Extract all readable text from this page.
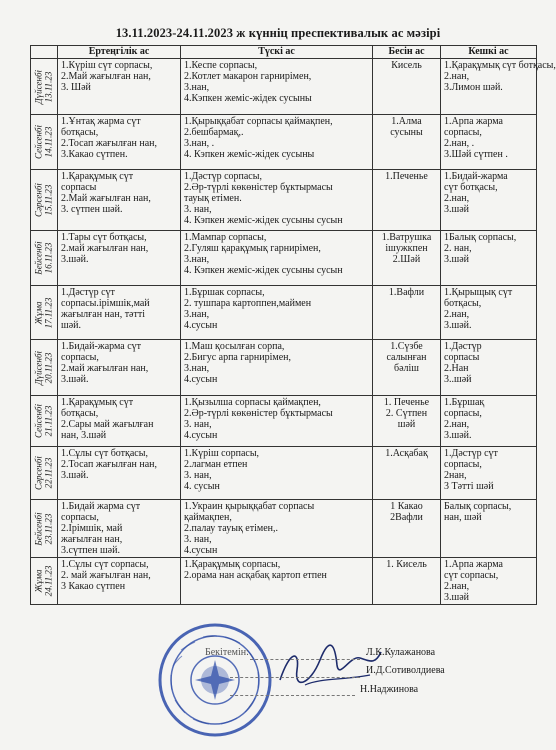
13.11.2023-24.11.2023 ж күнніц преспективалык ас мәзірі
	Ертеңгілік ас	Түскі ас	Бесін ас	Кешкі ас

Дүйсенбі 13.11.23	1.Күріш сүт сорпасы,
2.Май жағылған нан,
3. Шәй	1.Кеспе сорпасы,
2.Котлет макарон гарнирімен,
3.нан,
4.Кэпкен жеміс-жідек сусыны	Кисель	1.Қарақұмық сүт ботқасы,
2.нан,
3.Лимон шәй.

Сейсенбі 14.11.23	1.Ұнтақ жарма сүт
ботқасы,
2.Тосап жағылған нан,
3.Какао сүтпен.	1.Қырыққабат сорпасы қаймақпен,
2.бешбармақ,.
3.нан, .
4. Кэпкен жеміс-жідек сусыны	1.Алма
сусыны	1.Арпа жарма
сорпасы,
2.нан, .
3.Шәй сүтпен .

Сәрсенбі 15.11.23	1.Қарақұмық сүт
сорпасы
2.Май жағылған нан,
3. сүтпен шәй.	1.Дәстүр сорпасы,
2.Әр-түрлі көкөністер бұктырмасы
тауық етімен.
3. нан,
4. Кэпкен жеміс-жідек сусыны сусын	1.Печенье	1.Бидай-жарма
сүт ботқасы,
2.нан,
3.шәй

Бейсенбі 16.11.23	1.Тары сүт ботқасы,
2.май жағылған нан,
3.шәй.	1.Мампар сорпасы,
2.Гуляш қарақұмық гарнирімен,
3.нан,
4. Кэпкен жеміс-жідек сусыны сусын	1.Ватрушка
ішужкпен
2.Шәй	1Балық сорпасы,
2. нан,
3.шәй

Жұма 17.11.23	1.Дәстүр сүт
сорпасы.ірімшік,май
жағылған нан, тәтті
шәй.	1.Бұршак сорпасы,
2. тушпара картоппен,маймен
3.нан,
4.сусын	1.Вафли	1.Қырыщық сүт
ботқасы,
2.нан,
3.шәй.

Дүйсенбі 20.11.23	1.Бидай-жарма сүт
сорпасы,
2.май жағылған нан,
3.шәй.	1.Маш қосылған сорпа,
2.Бигус арпа гарнирімен,
3.нан,
4.сусын	1.Сүзбе
салынған
бәліш	1.Дәстүр
сорпасы
2.Нан
3..шәй

Сейсенбі 21.11.23	1.Қарақұмық сүт
ботқасы,
2.Сары май жағылған
нан, 3.шәй	1.Қызылша сорпасы қаймақпен,
2.Әр-түрлі көкөністер бұктырмасы
3. нан,
4.сусын	1. Печенье
2. Сүтпен
шәй	1.Бұршақ
сорпасы,
2.нан,
3.шәй.

Сәрсенбі 22.11.23	1.Сұлы сүт ботқасы,
2.Тосап жағылған нан,
3.шәй.	1.Күріш сорпасы,
2.лагман етпен
3. нан,
4. сусын	1.Асқабақ	1.Дәстүр сүт
сорпасы,
2нан,
3 Тәтті шәй

Бейсенбі 23.11.23	1.Бидай жарма сүт
сорпасы,
2.Ірімшік, май
жағылған нан,
3.сүтпен шәй.	1.Украин қырыққабат сорпасы
қаймақпен,
2.палау тауық етімен,.
3. нан,
4.сусын	1 Какао
2Вафли	Балық сорпасы,
нан, шәй

Жұма 24.11.23	1.Сұлы сүт сорпасы,
2. май жағылған нан,
3 Какао сүтпен	1.Қарақұмық сорпасы,
2.орама нан асқабақ картоп етпен	1. Кисель	1.Арпа жарма
сүт сорпасы,
2.нан,
3.шәй
Бекітемін:	Л.К.Кулажанова
И.Д.Сотиволдиева
Н.Наджинова
